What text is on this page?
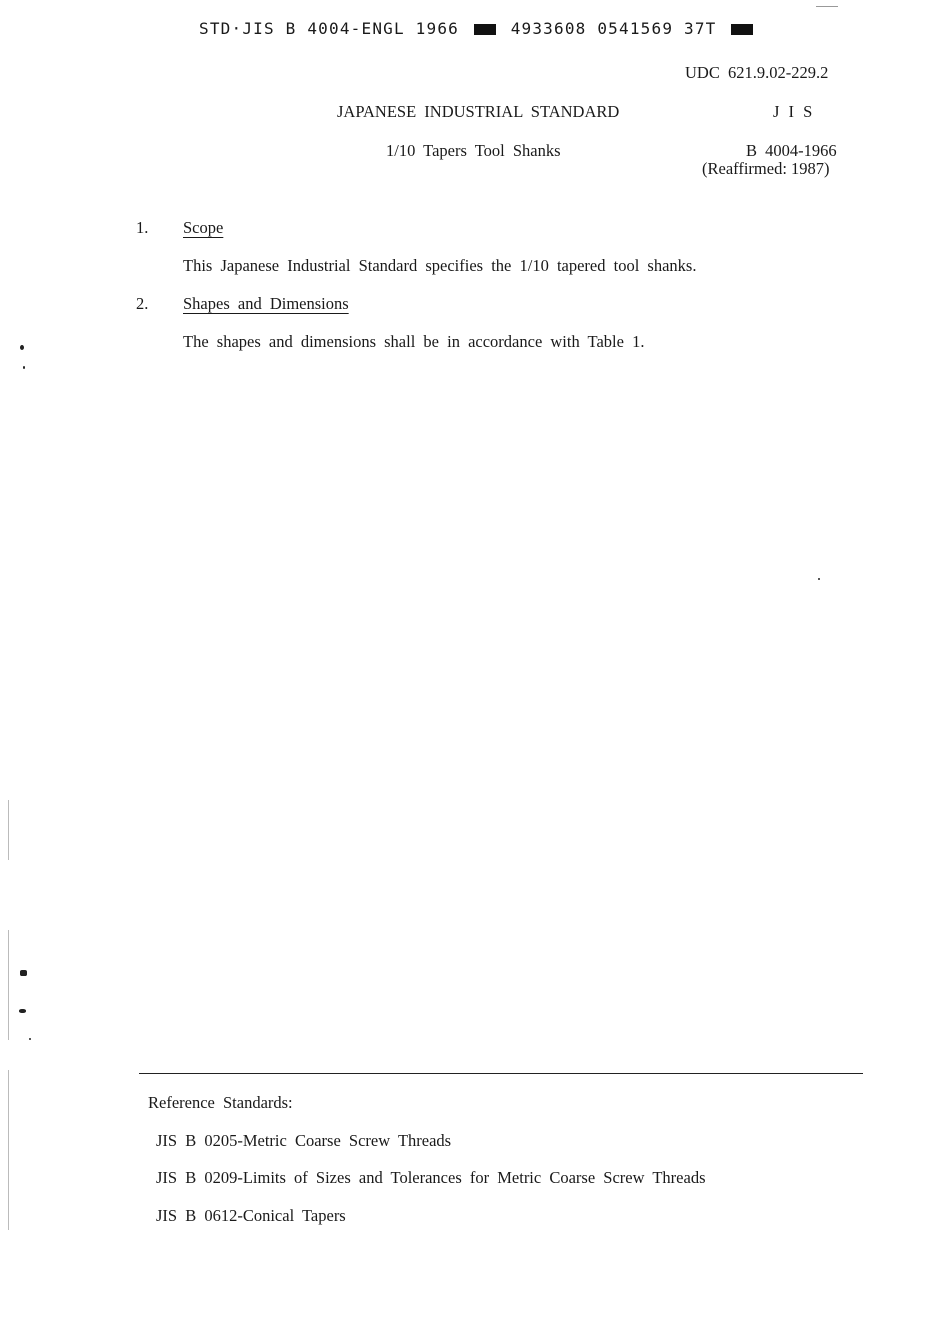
STD·JIS B 4004-ENGL 1966	4933608 0541569 37T
UDC 621.9.02-229.2
JAPANESE INDUSTRIAL STANDARD	J I S
1/10 Tapers Tool Shanks	B 4004-1966
(Reaffirmed: 1987)
1. Scope
This Japanese Industrial Standard specifies the 1/10 tapered tool shanks.
2. Shapes and Dimensions
The shapes and dimensions shall be in accordance with Table 1.
Reference Standards:
JIS B 0205-Metric Coarse Screw Threads
JIS B 0209-Limits of Sizes and Tolerances for Metric Coarse Screw Threads
JIS B 0612-Conical Tapers
